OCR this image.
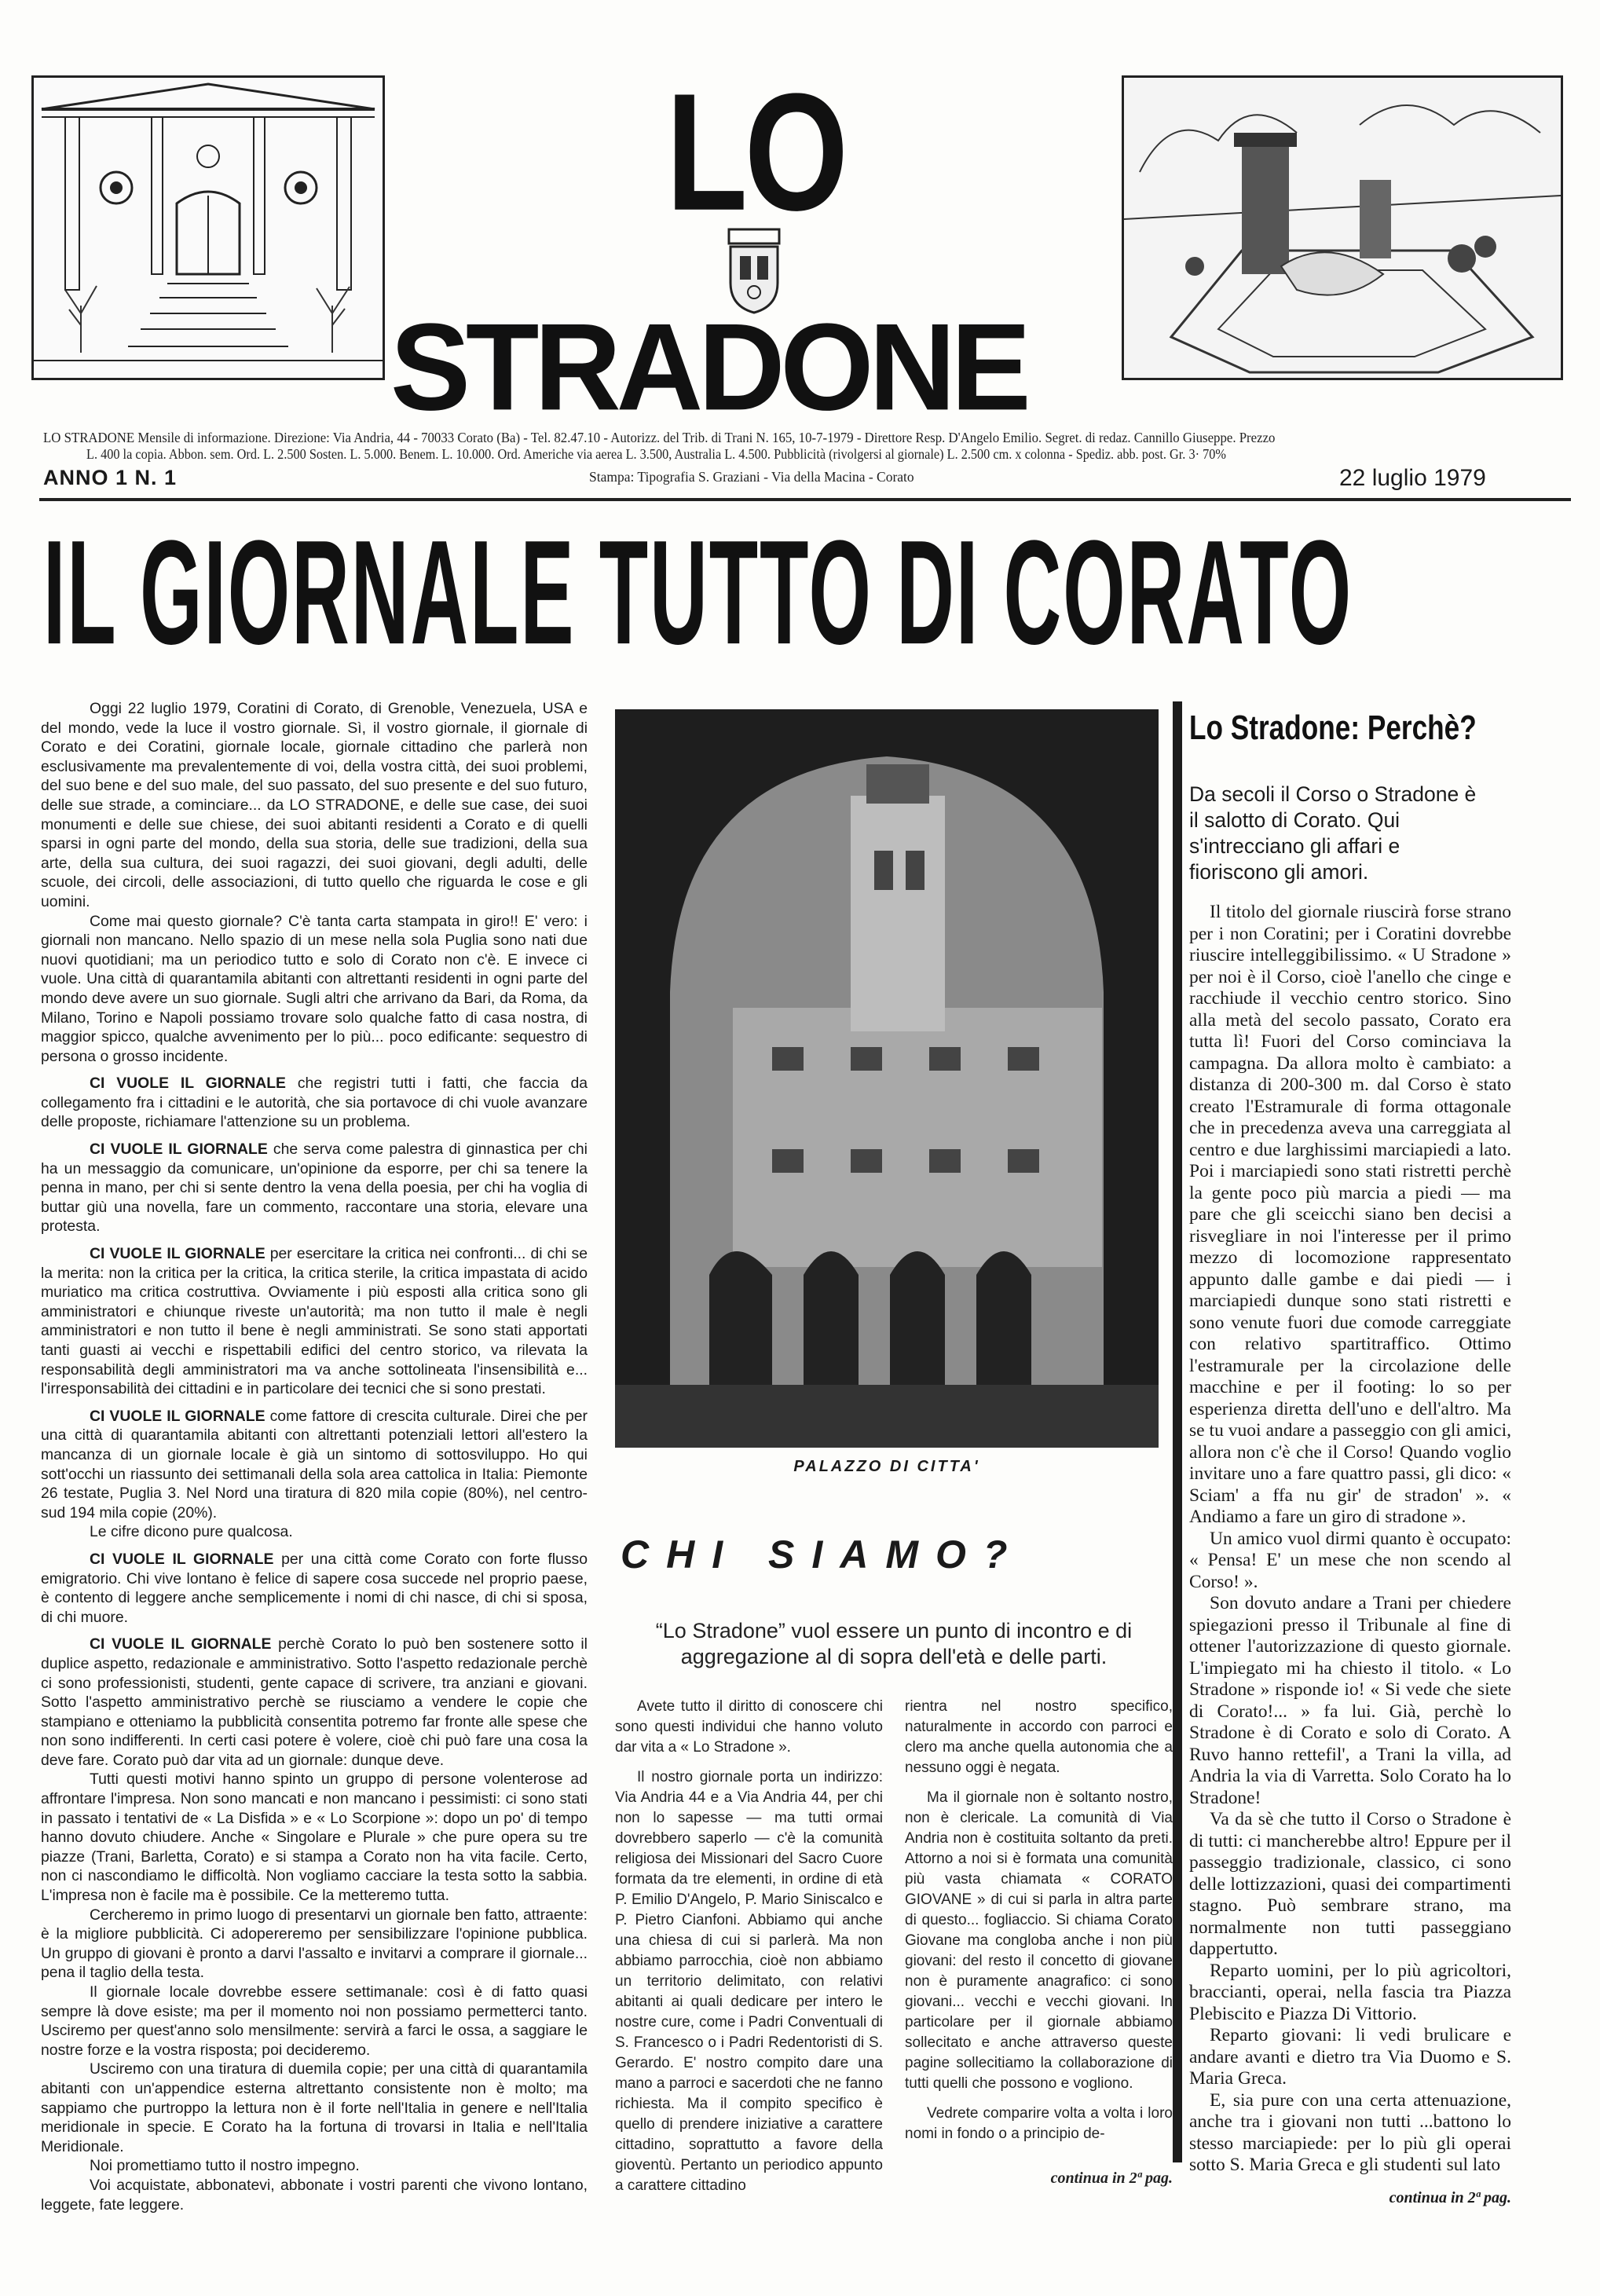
LO
STRADONE
LO STRADONE Mensile di informazione. Direzione: Via Andria, 44 - 70033 Corato (Ba) - Tel. 82.47.10 - Autorizz. del Trib. di Trani N. 165, 10-7-1979 - Direttore Resp. D'Angelo Emilio. Segret. di redaz. Cannillo Giuseppe. Prezzo
L. 400 la copia. Abbon. sem. Ord. L. 2.500 Sosten. L. 5.000. Benem. L. 10.000. Ord. Americhe via aerea L. 3.500, Australia L. 4.500. Pubblicità (rivolgersi al giornale) L. 2.500 cm. x colonna - Spediz. abb. post. Gr. 3· 70%
ANNO 1 N. 1	Stampa: Tipografia S. Graziani - Via della Macina - Corato	22 luglio 1979
IL GIORNALE TUTTO DI CORATO

Oggi 22 luglio 1979, Coratini di Corato, di Grenoble, Venezuela, USA e del mondo, vede la luce il vostro giornale. Sì, il vostro giornale, il giornale di Corato e dei Coratini, giornale locale, giornale cittadino che parlerà non esclusivamente ma prevalentemente di voi, della vostra città, dei suoi problemi, del suo bene e del suo male, del suo passato, del suo presente e del suo futuro, delle sue strade, a cominciare... da LO STRADONE, e delle sue case, dei suoi monumenti e delle sue chiese, dei suoi abitanti residenti a Corato e di quelli sparsi in ogni parte del mondo, della sua storia, delle sue tradizioni, della sua arte, della sua cultura, dei suoi ragazzi, dei suoi giovani, degli adulti, delle scuole, dei circoli, delle associazioni, di tutto quello che riguarda le cose e gli uomini.

Come mai questo giornale? C'è tanta carta stampata in giro!! E' vero: i giornali non mancano. Nello spazio di un mese nella sola Puglia sono nati due nuovi quotidiani; ma un periodico tutto e solo di Corato non c'è. E invece ci vuole. Una città di quarantamila abitanti con altrettanti residenti in ogni parte del mondo deve avere un suo giornale. Sugli altri che arrivano da Bari, da Roma, da Milano, Torino e Napoli possiamo trovare solo qualche fatto di casa nostra, di maggior spicco, qualche avvenimento per lo più... poco edificante: sequestro di persona o grosso incidente.

CI VUOLE IL GIORNALE che registri tutti i fatti, che faccia da collegamento fra i cittadini e le autorità, che sia portavoce di chi vuole avanzare delle proposte, richiamare l'attenzione su un problema.

CI VUOLE IL GIORNALE che serva come palestra di ginnastica per chi ha un messaggio da comunicare, un'opinione da esporre, per chi sa tenere la penna in mano, per chi si sente dentro la vena della poesia, per chi ha voglia di buttar giù una novella, fare un commento, raccontare una storia, elevare una protesta.

CI VUOLE IL GIORNALE per esercitare la critica nei confronti... di chi se la merita: non la critica per la critica, la critica sterile, la critica impastata di acido muriatico ma critica costruttiva. Ovviamente i più esposti alla critica sono gli amministratori e chiunque riveste un'autorità; ma non tutto il male è negli amministratori e non tutto il bene è negli amministrati. Se sono stati apportati tanti guasti ai vecchi e rispettabili edifici del centro storico, va rilevata la responsabilità degli amministratori ma va anche sottolineata l'insensibilità e... l'irresponsabilità dei cittadini e in particolare dei tecnici che si sono prestati.

CI VUOLE IL GIORNALE come fattore di crescita culturale. Direi che per una città di quarantamila abitanti con altrettanti potenziali lettori all'estero la mancanza di un giornale locale è già un sintomo di sottosviluppo. Ho qui sott'occhi un riassunto dei settimanali della sola area cattolica in Italia: Piemonte 26 testate, Puglia 3. Nel Nord una tiratura di 820 mila copie (80%), nel centro-sud 194 mila copie (20%).

Le cifre dicono pure qualcosa.

CI VUOLE IL GIORNALE per una città come Corato con forte flusso emigratorio. Chi vive lontano è felice di sapere cosa succede nel proprio paese, è contento di leggere anche semplicemente i nomi di chi nasce, di chi si sposa, di chi muore.

CI VUOLE IL GIORNALE perchè Corato lo può ben sostenere sotto il duplice aspetto, redazionale e amministrativo. Sotto l'aspetto redazionale perchè ci sono professionisti, studenti, gente capace di scrivere, tra anziani e giovani. Sotto l'aspetto amministrativo perchè se riusciamo a vendere le copie che stampiano e otteniamo la pubblicità consentita potremo far fronte alle spese che non sono indifferenti. In certi casi potere è volere, cioè chi può fare una cosa la deve fare. Corato può dar vita ad un giornale: dunque deve.

Tutti questi motivi hanno spinto un gruppo di persone volenterose ad affrontare l'impresa. Non sono mancati e non mancano i pessimisti: ci sono stati in passato i tentativi de « La Disfida » e « Lo Scorpione »: dopo un po' di tempo hanno dovuto chiudere. Anche « Singolare e Plurale » che pure opera su tre piazze (Trani, Barletta, Corato) e si stampa a Corato non ha vita facile. Certo, non ci nascondiamo le difficoltà. Non vogliamo cacciare la testa sotto la sabbia. L'impresa non è facile ma è possibile. Ce la metteremo tutta.

Cercheremo in primo luogo di presentarvi un giornale ben fatto, attraente: è la migliore pubblicità. Ci adopereremo per sensibilizzare l'opinione pubblica. Un gruppo di giovani è pronto a darvi l'assalto e invitarvi a comprare il giornale... pena il taglio della testa.

Il giornale locale dovrebbe essere settimanale: così è di fatto quasi sempre là dove esiste; ma per il momento noi non possiamo permetterci tanto. Usciremo per quest'anno solo mensilmente: servirà a farci le ossa, a saggiare le nostre forze e la vostra risposta; poi decideremo.

Usciremo con una tiratura di duemila copie; per una città di quarantamila abitanti con un'appendice esterna altrettanto consistente non è molto; ma sappiamo che purtroppo la lettura non è il forte nell'Italia in genere e nell'Italia meridionale in specie. E Corato ha la fortuna di trovarsi in Italia e nell'Italia Meridionale.

Noi promettiamo tutto il nostro impegno.

Voi acquistate, abbonatevi, abbonate i vostri parenti che vivono lontano, leggete, fate leggere.

PALAZZO DI CITTA'
CHI SIAMO?
“Lo Stradone” vuol essere un punto di incontro e di aggregazione al di sopra dell'età e delle parti.

Avete tutto il diritto di conoscere chi sono questi individui che hanno voluto dar vita a « Lo Stradone ».

Il nostro giornale porta un indirizzo: Via Andria 44 e a Via Andria 44, per chi non lo sapesse — ma tutti ormai dovrebbero saperlo — c'è la comunità religiosa dei Missionari del Sacro Cuore formata da tre elementi, in ordine di età P. Emilio D'Angelo, P. Mario Siniscalco e P. Pietro Cianfoni. Abbiamo qui anche una chiesa di cui si parlerà. Ma non abbiamo parrocchia, cioè non abbiamo un territorio delimitato, con relativi abitanti ai quali dedicare per intero le nostre cure, come i Padri Conventuali di S. Francesco o i Padri Redentoristi di S. Gerardo. E' nostro compito dare una mano a parroci e sacerdoti che ne fanno richiesta. Ma il compito specifico è quello di prendere iniziative a carattere cittadino, soprattutto a favore della gioventù. Pertanto un periodico appunto a carattere cittadino

rientra nel nostro specifico, naturalmente in accordo con parroci e clero ma anche quella autonomia che a nessuno oggi è negata.

Ma il giornale non è soltanto nostro, non è clericale. La comunità di Via Andria non è costituita soltanto da preti. Attorno a noi si è formata una comunità più vasta chiamata « CORATO GIOVANE » di cui si parla in altra parte di questo... fogliaccio. Si chiama Corato Giovane ma congloba anche i non più giovani: del resto il concetto di giovane non è puramente anagrafico: ci sono giovani... vecchi e vecchi giovani. In particolare per il giornale abbiamo sollecitato e anche attraverso queste pagine sollecitiamo la collaborazione di tutti quelli che possono e vogliono.

Vedrete comparire volta a volta i loro nomi in fondo o a principio de-

continua in 2ª pag.
Lo Stradone: Perchè?
Da secoli il Corso o Stradone è il salotto di Corato. Qui s'intrecciano gli affari e fioriscono gli amori.

Il titolo del giornale riuscirà forse strano per i non Coratini; per i Coratini dovrebbe riuscire intelleggibilissimo. « U Stradone » per noi è il Corso, cioè l'anello che cinge e racchiude il vecchio centro storico. Sino alla metà del secolo passato, Corato era tutta lì! Fuori del Corso cominciava la campagna. Da allora molto è cambiato: a distanza di 200-300 m. dal Corso è stato creato l'Estramurale di forma ottagonale che in precedenza aveva una carreggiata al centro e due larghissimi marciapiedi a lato. Poi i marciapiedi sono stati ristretti perchè la gente poco più marcia a piedi — ma pare che gli sceicchi siano ben decisi a risvegliare in noi l'interesse per il primo mezzo di locomozione rappresentato appunto dalle gambe e dai piedi — i marciapiedi dunque sono stati ristretti e sono venute fuori due comode carreggiate con relativo spartitraffico. Ottimo l'estramurale per la circolazione delle macchine e per il footing: lo so per esperienza diretta dell'uno e dell'altro. Ma se tu vuoi andare a passeggio con gli amici, allora non c'è che il Corso! Quando voglio invitare uno a fare quattro passi, gli dico: « Sciam' a ffa nu gir' de stradon' ». « Andiamo a fare un giro di stradone ».

Un amico vuol dirmi quanto è occupato: « Pensa! E' un mese che non scendo al Corso! ».

Son dovuto andare a Trani per chiedere spiegazioni presso il Tribunale al fine di ottener l'autorizzazione di questo giornale. L'impiegato mi ha chiesto il titolo. « Lo Stradone » risponde io! « Si vede che siete di Corato!... » fa lui. Già, perchè lo Stradone è di Corato e solo di Corato. A Ruvo hanno rettefil', a Trani la villa, ad Andria la via di Varretta. Solo Corato ha lo Stradone!

Va da sè che tutto il Corso o Stradone è di tutti: ci mancherebbe altro! Eppure per il passeggio tradizionale, classico, ci sono delle lottizzazioni, quasi dei compartimenti stagno. Può sembrare strano, ma normalmente non tutti passeggiano dappertutto.

Reparto uomini, per lo più agricoltori, braccianti, operai, nella fascia tra Piazza Plebiscito e Piazza Di Vittorio.

Reparto giovani: li vedi brulicare e andare avanti e dietro tra Via Duomo e S. Maria Greca.

E, sia pure con una certa attenuazione, anche tra i giovani non tutti ...battono lo stesso marciapiede: per lo più gli operai sotto S. Maria Greca e gli studenti sul lato

continua in 2ª pag.
